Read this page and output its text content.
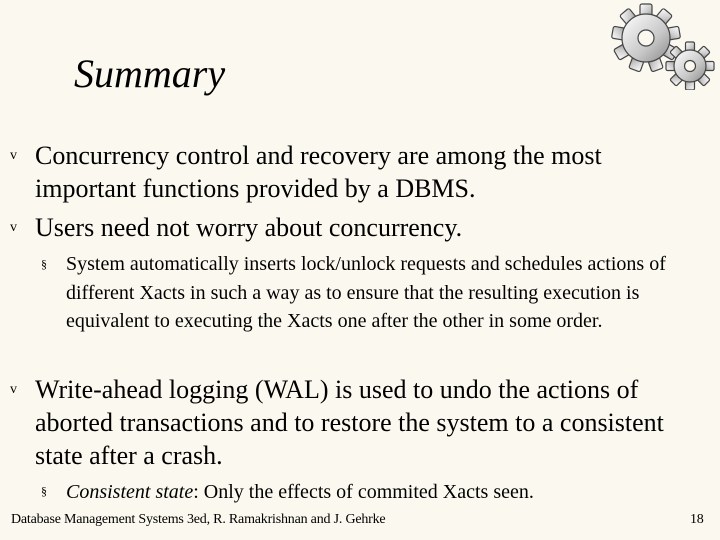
Summary
v Concurrency control and recovery are among the most important functions provided by a DBMS.
v Users need not worry about concurrency.
§ System automatically inserts lock/unlock requests and schedules actions of different Xacts in such a way as to ensure that the resulting execution is equivalent to executing the Xacts one after the other in some order.
v Write-ahead logging (WAL) is used to undo the actions of aborted transactions and to restore the system to a consistent state after a crash.
§ Consistent state: Only the effects of commited Xacts seen.
Database Management Systems 3ed, R. Ramakrishnan and J. Gehrke	18
